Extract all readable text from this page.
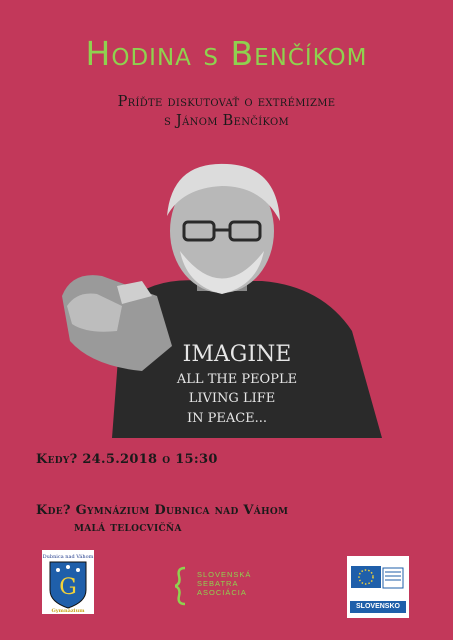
Hodina s Benčíkom
Príďte diskutovať o extrémizme
s Jánom Benčíkom
IMAGINE
ALL THE PEOPLE
LIVING LIFE
IN PEACE...
Kedy? 24.5.2018 o 15:30
Kde? Gymnázium Dubnica nad Váhom
malá telocvičňa
Dubnica nad Váhom
G
Gymnázium
SLOVENSKÁ
SEBATRA
ASOCIÁCIA
SLOVENSKO
